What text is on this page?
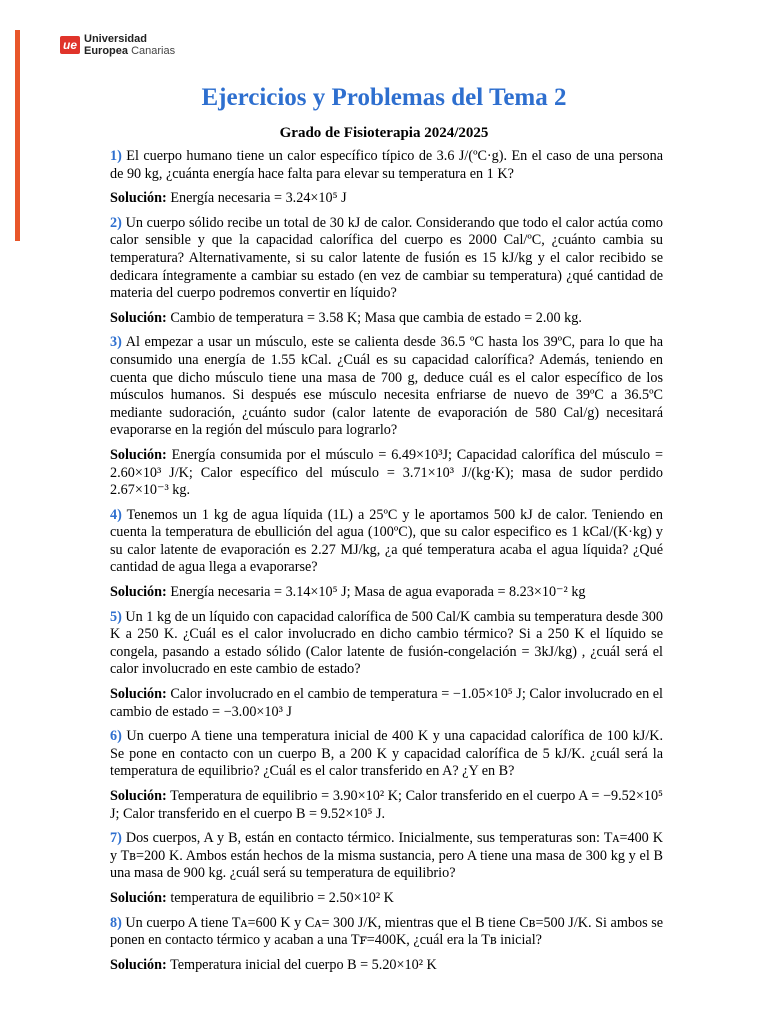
ue Universidad
Europea Canarias
Ejercicios y Problemas del Tema 2
Grado de Fisioterapia 2024/2025

1) El cuerpo humano tiene un calor específico típico de 3.6 J/(ºC·g). En el caso de una persona de 90 kg, ¿cuánta energía hace falta para elevar su temperatura en 1 K?

Solución: Energía necesaria = 3.24×10⁵ J

2) Un cuerpo sólido recibe un total de 30 kJ de calor. Considerando que todo el calor actúa como calor sensible y que la capacidad calorífica del cuerpo es 2000 Cal/ºC, ¿cuánto cambia su temperatura? Alternativamente, si su calor latente de fusión es 15 kJ/kg y el calor recibido se dedicara íntegramente a cambiar su estado (en vez de cambiar su temperatura) ¿qué cantidad de materia del cuerpo podremos convertir en líquido?

Solución: Cambio de temperatura = 3.58 K; Masa que cambia de estado = 2.00 kg.

3) Al empezar a usar un músculo, este se calienta desde 36.5 ºC hasta los 39ºC, para lo que ha consumido una energía de 1.55 kCal. ¿Cuál es su capacidad calorífica? Además, teniendo en cuenta que dicho músculo tiene una masa de 700 g, deduce cuál es el calor específico de los músculos humanos. Si después ese músculo necesita enfriarse de nuevo de 39ºC a 36.5ºC mediante sudoración, ¿cuánto sudor (calor latente de evaporación de 580 Cal/g) necesitará evaporarse en la región del músculo para lograrlo?

Solución: Energía consumida por el músculo = 6.49×10³J; Capacidad calorífica del músculo = 2.60×10³ J/K; Calor específico del músculo = 3.71×10³ J/(kg·K); masa de sudor perdido 2.67×10⁻³ kg.

4) Tenemos un 1 kg de agua líquida (1L) a 25ºC y le aportamos 500 kJ de calor. Teniendo en cuenta la temperatura de ebullición del agua (100ºC), que su calor especifico es 1 kCal/(K·kg) y su calor latente de evaporación es 2.27 MJ/kg, ¿a qué temperatura acaba el agua líquida? ¿Qué cantidad de agua llega a evaporarse?

Solución: Energía necesaria = 3.14×10⁵ J; Masa de agua evaporada = 8.23×10⁻² kg

5) Un 1 kg de un líquido con capacidad calorífica de 500 Cal/K cambia su temperatura desde 300 K a 250 K. ¿Cuál es el calor involucrado en dicho cambio térmico? Si a 250 K el líquido se congela, pasando a estado sólido (Calor latente de fusión-congelación = 3kJ/kg) , ¿cuál será el calor involucrado en este cambio de estado?

Solución: Calor involucrado en el cambio de temperatura = −1.05×10⁵ J; Calor involucrado en el cambio de estado = −3.00×10³ J

6) Un cuerpo A tiene una temperatura inicial de 400 K y una capacidad calorífica de 100 kJ/K. Se pone en contacto con un cuerpo B, a 200 K y capacidad calorífica de 5 kJ/K. ¿cuál será la temperatura de equilibrio? ¿Cuál es el calor transferido en A? ¿Y en B?

Solución: Temperatura de equilibrio = 3.90×10² K; Calor transferido en el cuerpo A = −9.52×10⁵ J; Calor transferido en el cuerpo B = 9.52×10⁵ J.

7) Dos cuerpos, A y B, están en contacto térmico. Inicialmente, sus temperaturas son: Tᴀ=400 K y Tʙ=200 K. Ambos están hechos de la misma sustancia, pero A tiene una masa de 300 kg y el B una masa de 900 kg. ¿cuál será su temperatura de equilibrio?

Solución: temperatura de equilibrio = 2.50×10² K

8) Un cuerpo A tiene Tᴀ=600 K y Cᴀ= 300 J/K, mientras que el B tiene Cʙ=500 J/K. Si ambos se ponen en contacto térmico y acaban a una Tꜰ=400K, ¿cuál era la Tʙ inicial?

Solución: Temperatura inicial del cuerpo B = 5.20×10² K
